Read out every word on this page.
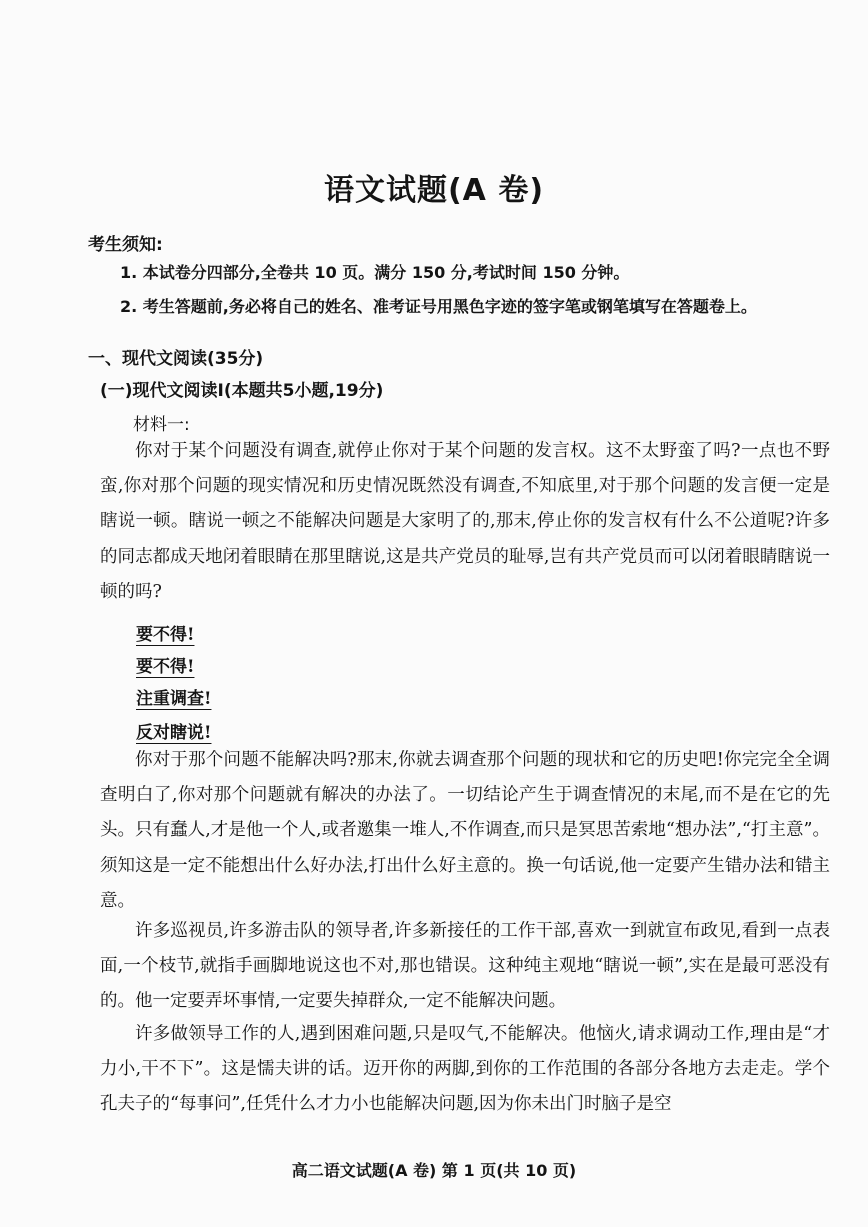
语文试题(A 卷)
考生须知:
1. 本试卷分四部分,全卷共 10 页。满分 150 分,考试时间 150 分钟。
2. 考生答题前,务必将自己的姓名、准考证号用黑色字迹的签字笔或钢笔填写在答题卷上。
一、现代文阅读(35分)
(一)现代文阅读Ⅰ(本题共5小题,19分)
材料一:

你对于某个问题没有调查,就停止你对于某个问题的发言权。这不太野蛮了吗?一点也不野蛮,你对那个问题的现实情况和历史情况既然没有调查,不知底里,对于那个问题的发言便一定是瞎说一顿。瞎说一顿之不能解决问题是大家明了的,那末,停止你的发言权有什么不公道呢?许多的同志都成天地闭着眼睛在那里瞎说,这是共产党员的耻辱,岂有共产党员而可以闭着眼睛瞎说一顿的吗?

要不得!
要不得!
注重调查!
反对瞎说!

你对于那个问题不能解决吗?那末,你就去调查那个问题的现状和它的历史吧!你完完全全调查明白了,你对那个问题就有解决的办法了。一切结论产生于调查情况的末尾,而不是在它的先头。只有蠢人,才是他一个人,或者邀集一堆人,不作调查,而只是冥思苦索地“想办法”,“打主意”。须知这是一定不能想出什么好办法,打出什么好主意的。换一句话说,他一定要产生错办法和错主意。

许多巡视员,许多游击队的领导者,许多新接任的工作干部,喜欢一到就宣布政见,看到一点表面,一个枝节,就指手画脚地说这也不对,那也错误。这种纯主观地“瞎说一顿”,实在是最可恶没有的。他一定要弄坏事情,一定要失掉群众,一定不能解决问题。

许多做领导工作的人,遇到困难问题,只是叹气,不能解决。他恼火,请求调动工作,理由是“才力小,干不下”。这是懦夫讲的话。迈开你的两脚,到你的工作范围的各部分各地方去走走。学个孔夫子的“每事问”,任凭什么才力小也能解决问题,因为你未出门时脑子是空

高二语文试题(A 卷) 第 1 页(共 10 页)
